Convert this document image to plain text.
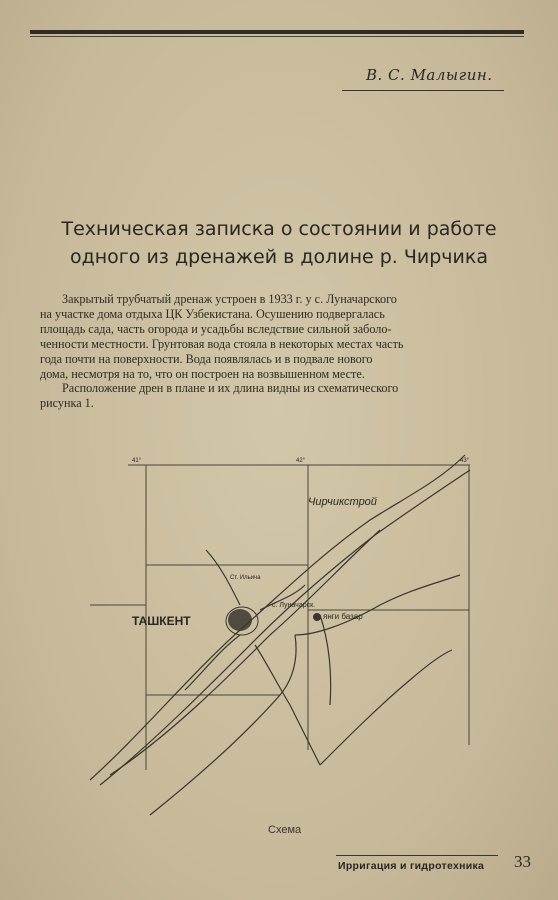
В. С. Малыгин.
Техническая записка о состоянии и работе
одного из дренажей в долине р. Чирчика
Закрытый трубчатый дренаж устроен в 1933 г. у с. Луначарского
на участке дома отдыха ЦК Узбекистана. Осушению подвергалась
площадь сада, часть огорода и усадьбы вследствие сильной заболо-
ченности местности. Грунтовая вода стояла в некоторых местах часть
года почти на поверхности. Вода появлялась и в подвале нового
дома, несмотря на то, что он построен на возвышенном месте.
Расположение дрен в плане и их длина видны из схематического
рисунка 1.
ТАШКЕНТ
Чирчикстрой
янги базар
с. Луначарск.
Ст. Ильича
41°	42°	43°
Схема
Ирригация и гидротехника 33
